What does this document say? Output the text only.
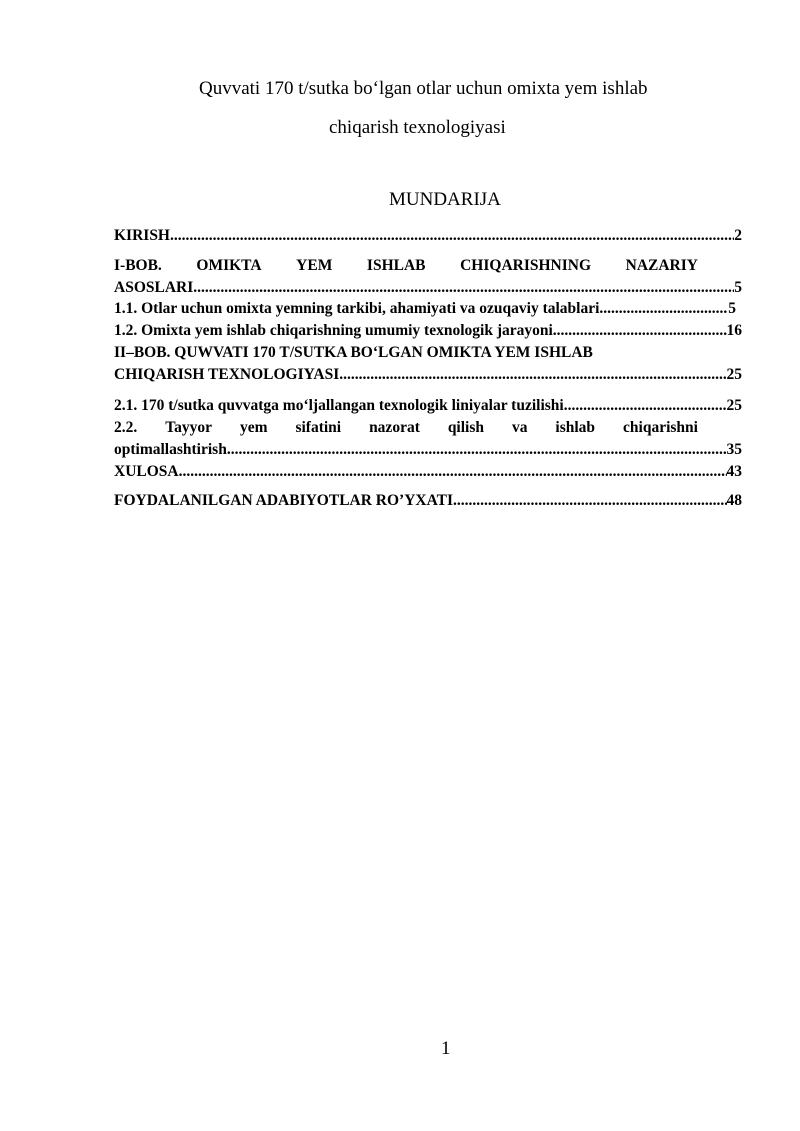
Quvvati 170 t/sutka bo‘lgan otlar uchun omixta yem ishlab
chiqarish texnologiyasi
MUNDARIJA
KIRISH .....	2
I-BOB. OMIKTA YEM ISHLAB CHIQARISHNING NAZARIY
ASOSLARI .....	5
1.1. Otlar uchun omixta yemning tarkibi, ahamiyati va ozuqaviy talablari .....	5
1.2. Omixta yem ishlab chiqarishning umumiy texnologik jarayoni .....	16
II–BOB. QUWVATI 170 T/SUTKA BO‘LGAN OMIKTA YEM ISHLAB
CHIQARISH TEXNOLOGIYASI .....	25
2.1. 170 t/sutka quvvatga mo‘ljallangan texnologik liniyalar tuzilishi .....	25
2.2. Tayyor yem sifatini nazorat qilish va ishlab chiqarishni
optimallashtirish .....	35
XULOSA .....	43
FOYDALANILGAN ADABIYOTLAR RO’YXATI .....	48
1
